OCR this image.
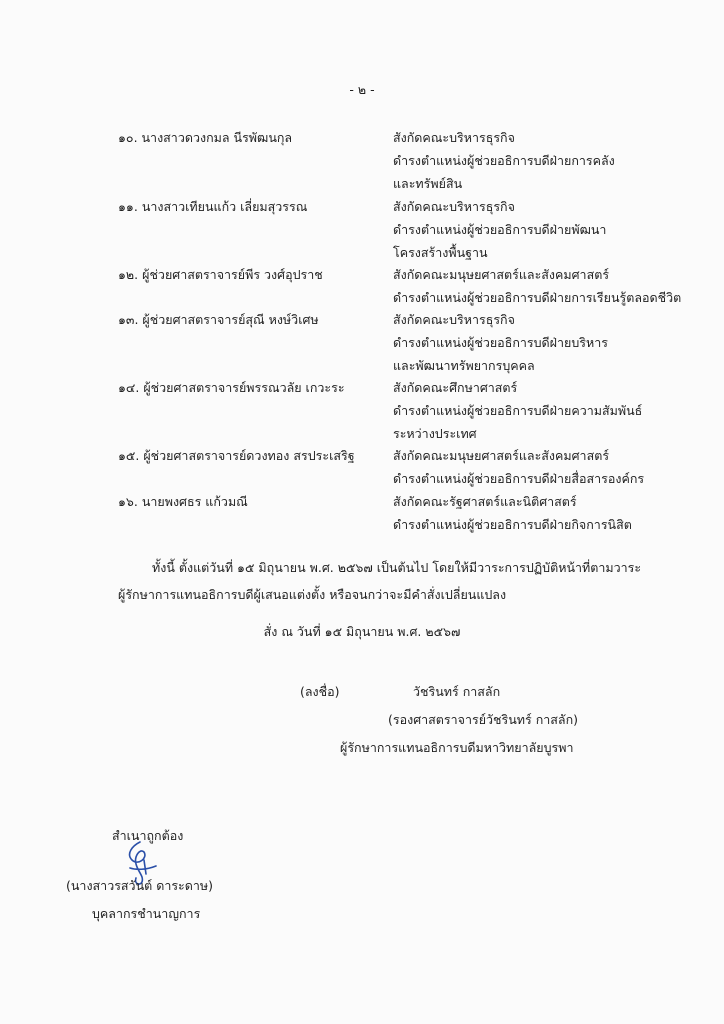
- ๒ -
๑๐. นางสาวดวงกมล นีรพัฒนกุล	สังกัดคณะบริหารธุรกิจ
ดำรงตำแหน่งผู้ช่วยอธิการบดีฝ่ายการคลัง
และทรัพย์สิน
๑๑. นางสาวเทียนแก้ว เลี่ยมสุวรรณ	สังกัดคณะบริหารธุรกิจ
ดำรงตำแหน่งผู้ช่วยอธิการบดีฝ่ายพัฒนา
โครงสร้างพื้นฐาน
๑๒. ผู้ช่วยศาสตราจารย์พีร วงศ์อุปราช	สังกัดคณะมนุษยศาสตร์และสังคมศาสตร์
ดำรงตำแหน่งผู้ช่วยอธิการบดีฝ่ายการเรียนรู้ตลอดชีวิต
๑๓. ผู้ช่วยศาสตราจารย์สุณี หงษ์วิเศษ	สังกัดคณะบริหารธุรกิจ
ดำรงตำแหน่งผู้ช่วยอธิการบดีฝ่ายบริหาร
และพัฒนาทรัพยากรบุคคล
๑๔. ผู้ช่วยศาสตราจารย์พรรณวลัย เกวะระ	สังกัดคณะศึกษาศาสตร์
ดำรงตำแหน่งผู้ช่วยอธิการบดีฝ่ายความสัมพันธ์
ระหว่างประเทศ
๑๕. ผู้ช่วยศาสตราจารย์ดวงทอง สรประเสริฐ	สังกัดคณะมนุษยศาสตร์และสังคมศาสตร์
ดำรงตำแหน่งผู้ช่วยอธิการบดีฝ่ายสื่อสารองค์กร
๑๖. นายพงศธร แก้วมณี	สังกัดคณะรัฐศาสตร์และนิติศาสตร์
ดำรงตำแหน่งผู้ช่วยอธิการบดีฝ่ายกิจการนิสิต
ทั้งนี้ ตั้งแต่วันที่ ๑๕ มิถุนายน พ.ศ. ๒๕๖๗ เป็นต้นไป โดยให้มีวาระการปฏิบัติหน้าที่ตามวาระ
ผู้รักษาการแทนอธิการบดีผู้เสนอแต่งตั้ง หรือจนกว่าจะมีคำสั่งเปลี่ยนแปลง
สั่ง ณ วันที่ ๑๕ มิถุนายน พ.ศ. ๒๕๖๗
(ลงชื่อ)	วัชรินทร์ กาสลัก
(รองศาสตราจารย์วัชรินทร์ กาสลัก)
ผู้รักษาการแทนอธิการบดีมหาวิทยาลัยบูรพา
สำเนาถูกต้อง
(นางสาวรสวันต์ ดาระดาษ)
บุคลากรชำนาญการ
